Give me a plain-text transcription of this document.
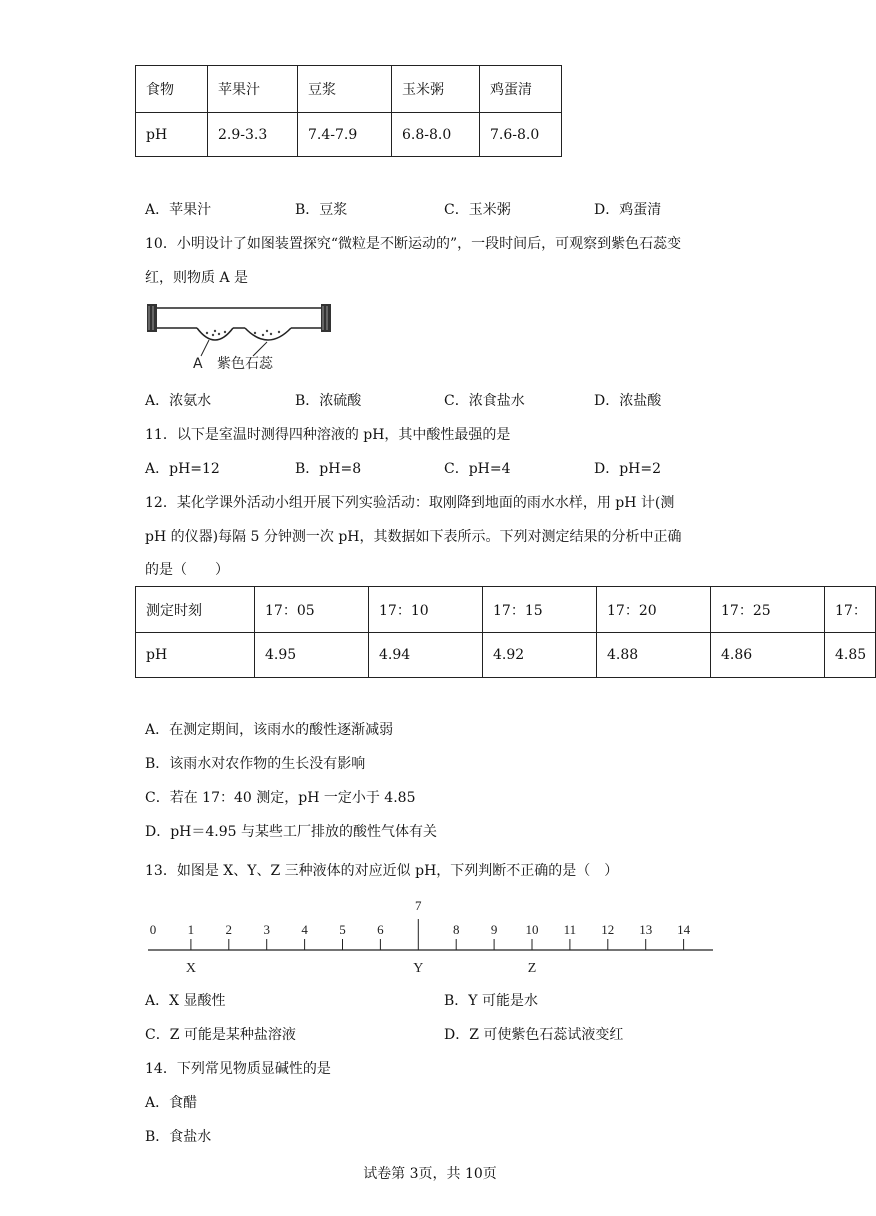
食物	苹果汁	豆浆	玉米粥	鸡蛋清
pH	2.9-3.3	7.4-7.9	6.8-8.0	7.6-8.0
A．苹果汁	B．豆浆	C．玉米粥	D．鸡蛋清
10．小明设计了如图装置探究“微粒是不断运动的”，一段时间后，可观察到紫色石蕊变
红，则物质 A 是
A 紫色石蕊
A．浓氨水	B．浓硫酸	C．浓食盐水	D．浓盐酸
11．以下是室温时测得四种溶液的 pH，其中酸性最强的是
A．pH=12	B．pH=8	C．pH=4	D．pH=2
12．某化学课外活动小组开展下列实验活动：取刚降到地面的雨水水样，用 pH 计(测
pH 的仪器)每隔 5 分钟测一次 pH，其数据如下表所示。下列对测定结果的分析中正确
的是（　　）
测定时刻	17：05	17：10	17：15	17：20	17：25	17：
pH	4.95	4.94	4.92	4.88	4.86	4.85
A．在测定期间，该雨水的酸性逐渐减弱
B．该雨水对农作物的生长没有影响
C．若在 17：40 测定，pH 一定小于 4.85
D．pH＝4.95 与某些工厂排放的酸性气体有关
13．如图是 X、Y、Z 三种液体的对应近似 pH，下列判断不正确的是（　）
0 1 2 3 4 5 6
7
8 9 10 11 12 13 14
X	Y	Z
A．X 显酸性	B．Y 可能是水
C．Z 可能是某种盐溶液	D．Z 可使紫色石蕊试液变红
14．下列常见物质显碱性的是
A．食醋
B．食盐水
试卷第 3页，共 10页
